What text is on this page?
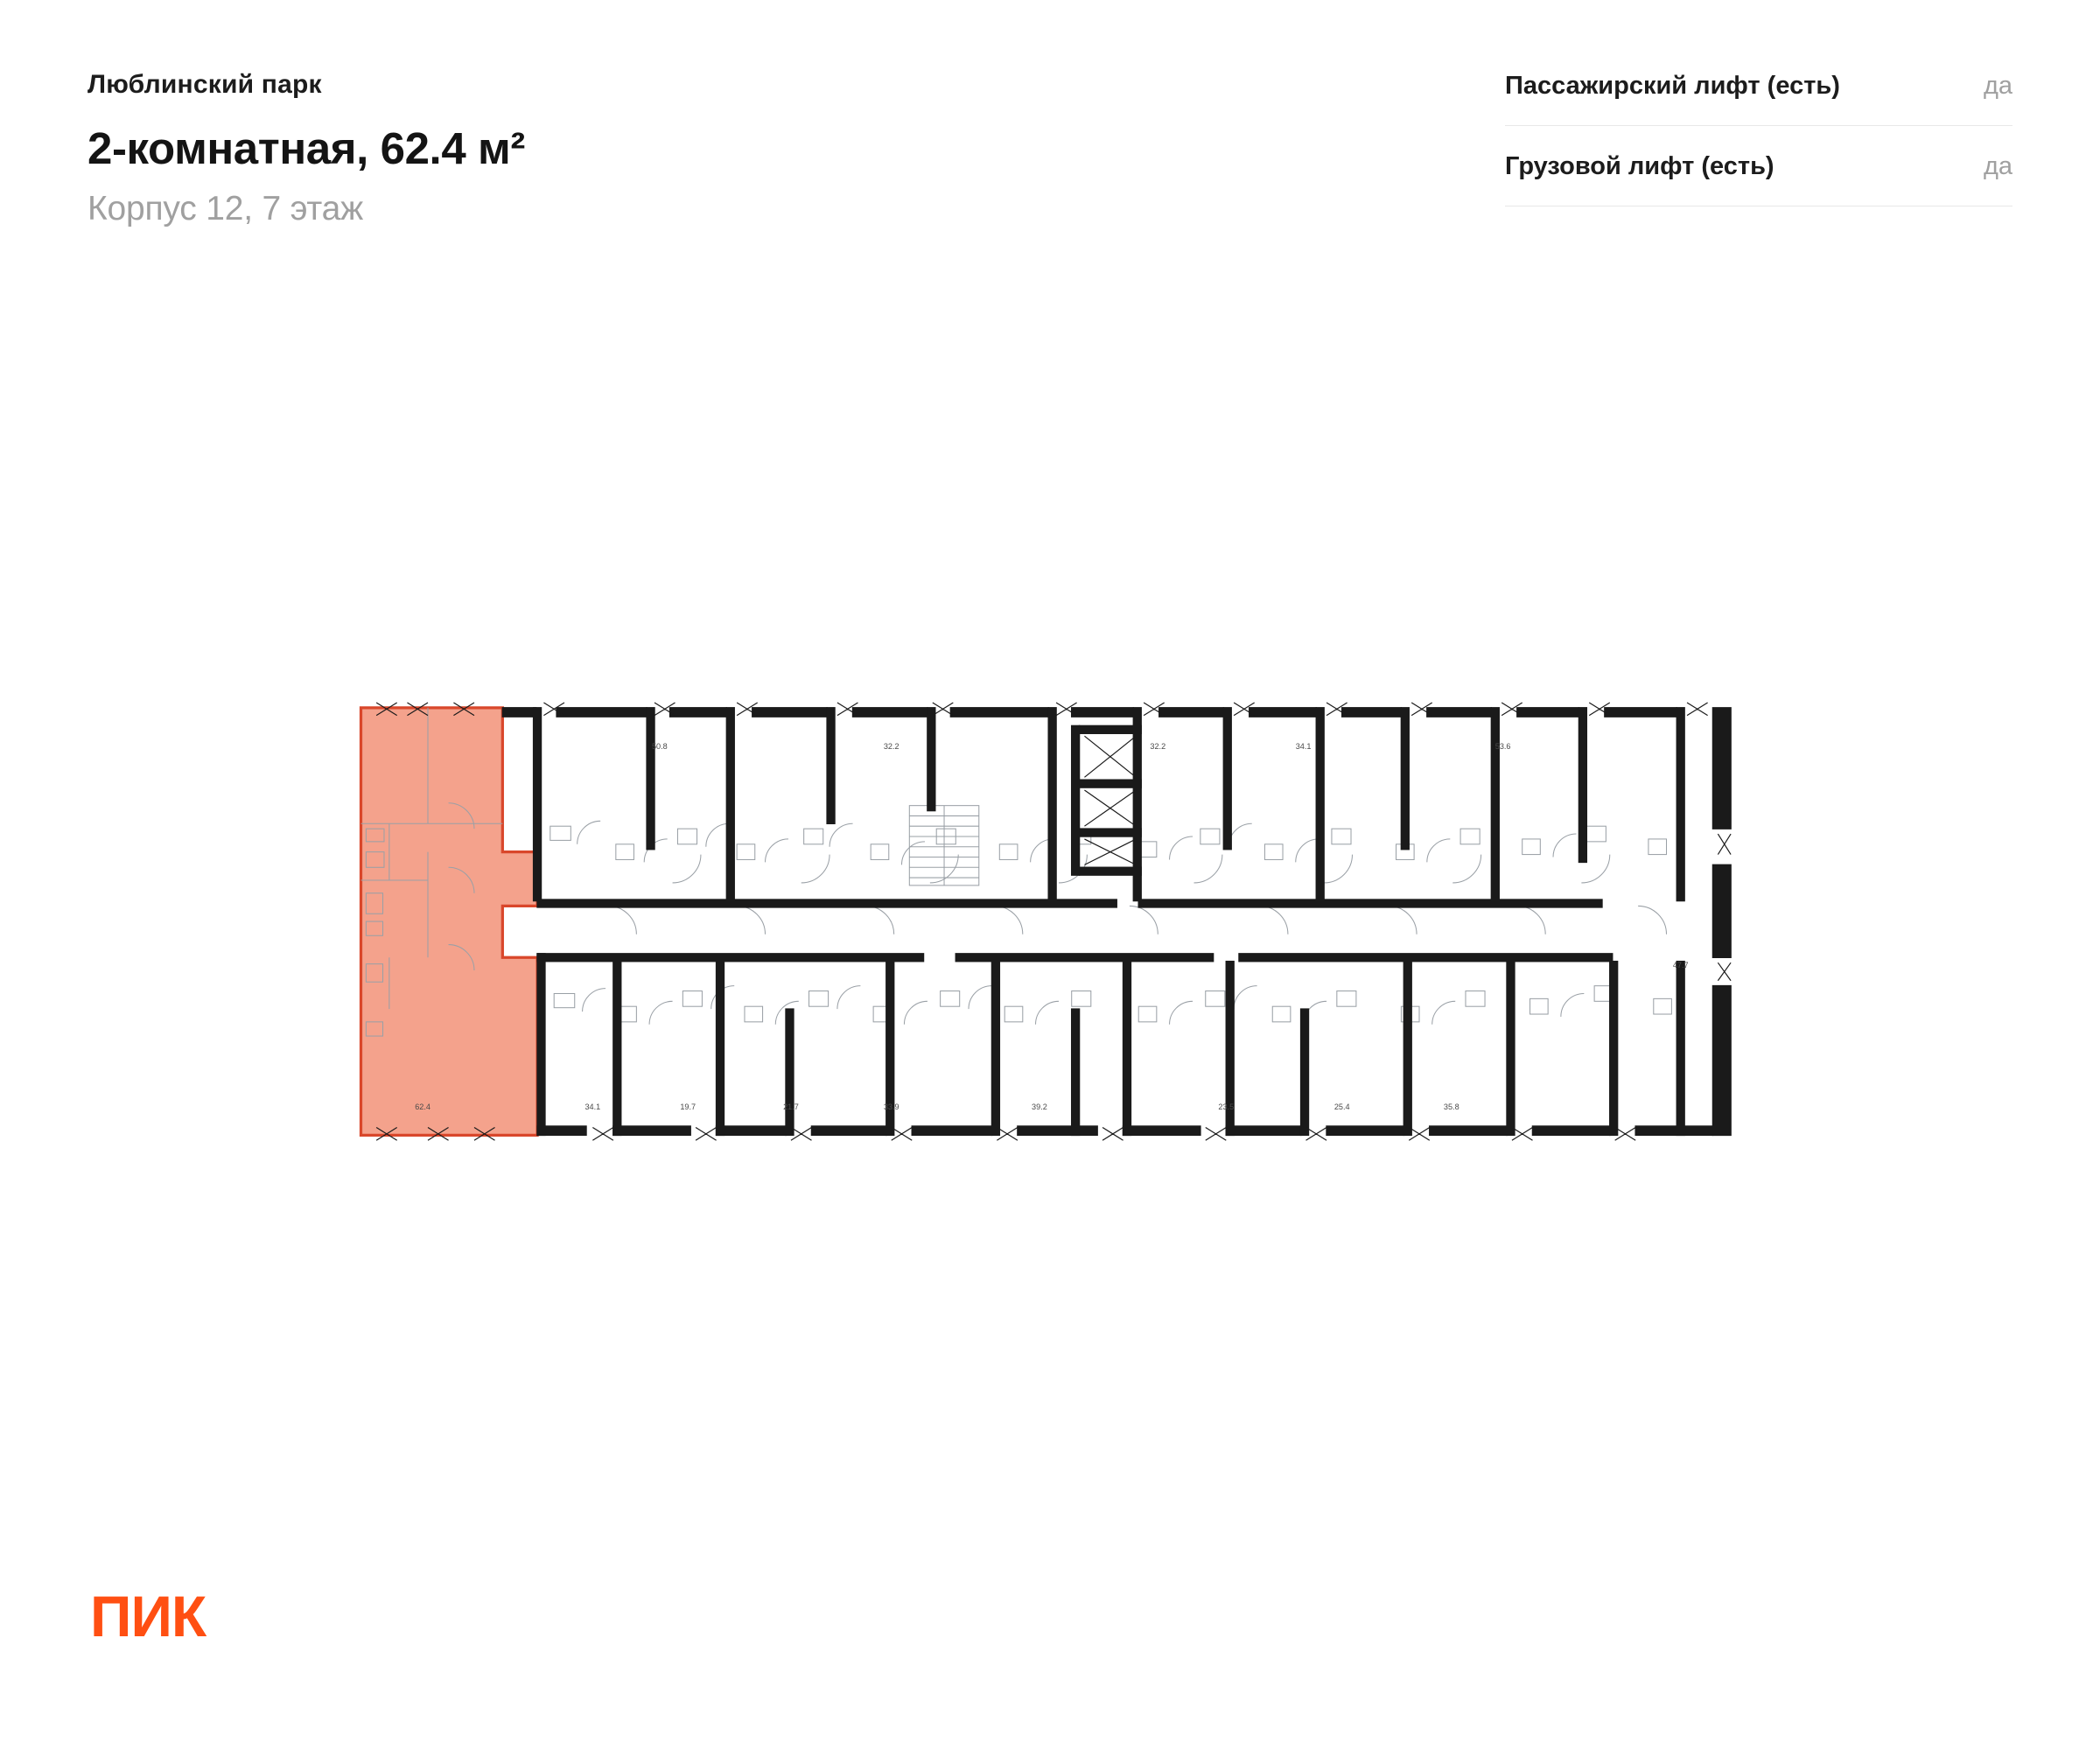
Люблинский парк
2-комнатная, 62.4 м²
Корпус 12, 7 этаж
Пассажирский лифт (есть)	да
Грузовой лифт (есть)	да
ПИК
50.8	32.2	32.2	34.1	53.6
47.7
62.4	34.1	19.7	21.7	33.9	39.2	23.5	25.4	35.8
